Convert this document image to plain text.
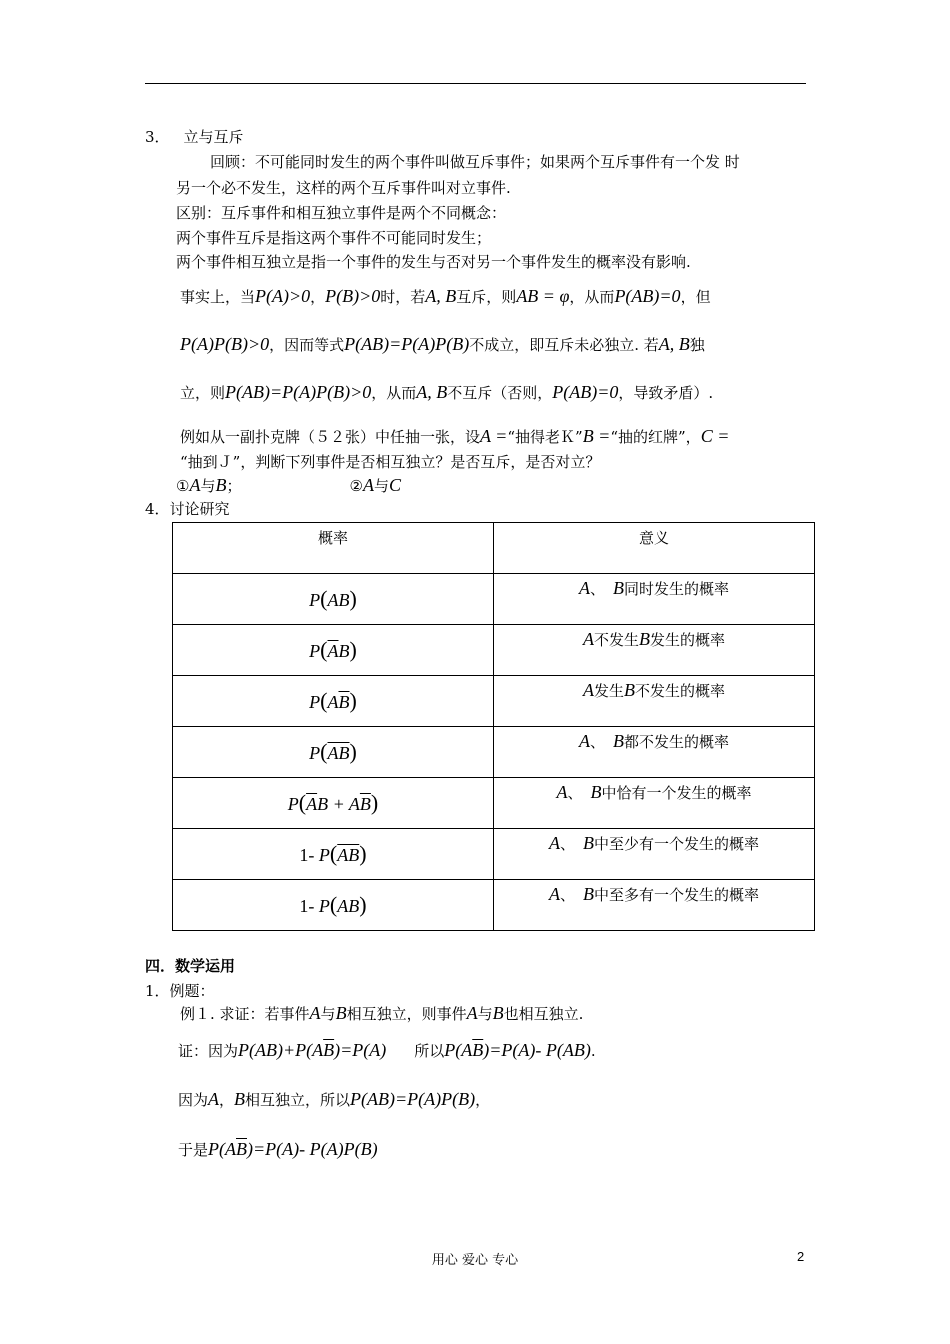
3． 立与互斥
回顾：不可能同时发生的两个事件叫做互斥事件；如果两个互斥事件有一个发 时
另一个必不发生，这样的两个互斥事件叫对立事件.
区别：互斥事件和相互独立事件是两个不同概念：
两个事件互斥是指这两个事件不可能同时发生；
两个事件相互独立是指一个事件的发生与否对另一个事件发生的概率没有影响.
事实上，当P(A)>0，P(B)>0时，若A, B互斥，则AB = φ，从而P(AB)=0，但
P(A)P(B)>0，因而等式P(AB)=P(A)P(B)不成立，即互斥未必独立. 若A, B独
立，则P(AB)=P(A)P(B)>0，从而A, B不互斥（否则，P(AB)=0，导致矛盾）.
例如从一副扑克牌（５２张）中任抽一张，设A =“抽得老Ｋ”B =“抽的红牌”，C =
“抽到Ｊ”，判断下列事件是否相互独立？是否互斥，是否对立？
①A与B；	②A与C
4．讨论研究
概率	意义
P(AB)	A、 B同时发生的概率
$P(\overline{A}B)$	A不发生B发生的概率
$P(A\overline{B})$	A发生B不发生的概率
$P(\overline{AB})$	A、 B都不发生的概率
$P(\overline{A}B + A\overline{B})$	A、 B中恰有一个发生的概率
1- $P(\overline{AB})$	A、 B中至少有一个发生的概率
1- P(AB)	A、 B中至多有一个发生的概率
四．数学运用
1．例题：
例１. 求证：若事件A与B相互独立，则事件A与B也相互独立.
证：因为$P(AB)+P(A\overline{B})=P(A)$ 所以$P(A\overline{B})=P(A)-$ P(AB).
因为A，B相互独立，所以P(AB)=P(A)P(B)，
于是$P(A\overline{B})=P(A)-$ P(A)P(B)
用心 爱心 专心	2
